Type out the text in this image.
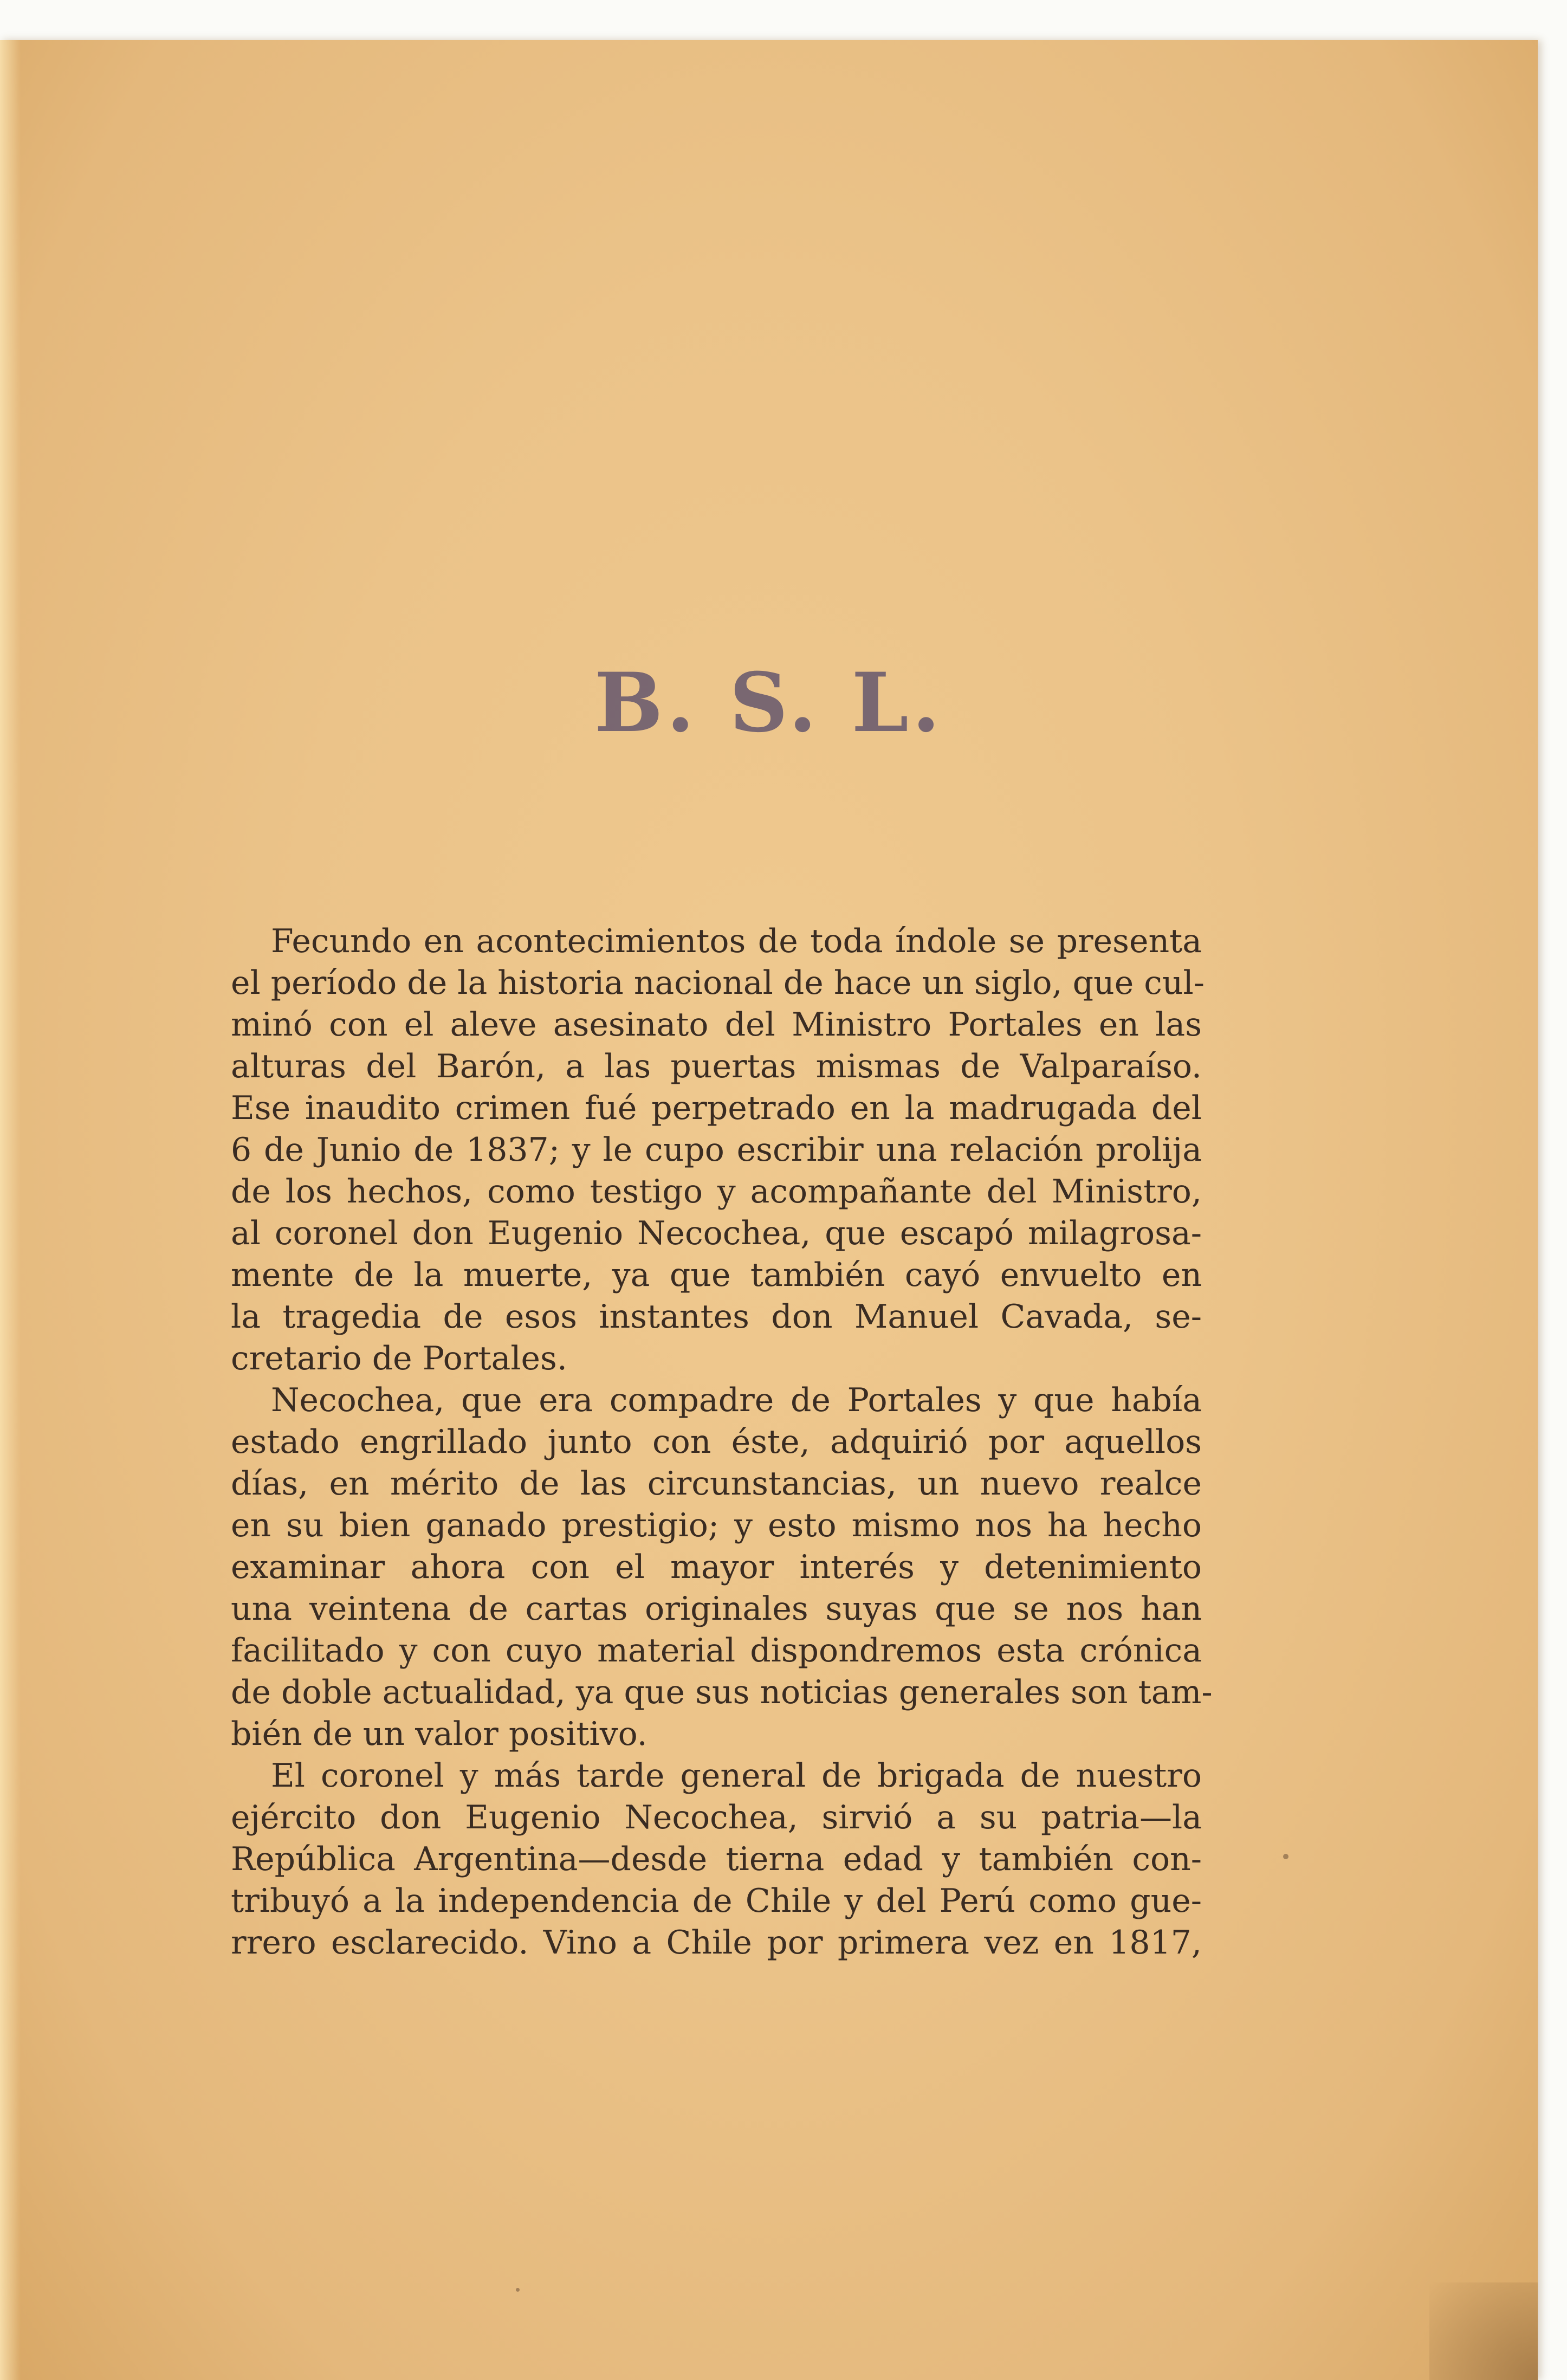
B. S. L.
Fecundo en acontecimientos de toda índole se presenta
el período de la historia nacional de hace un siglo, que cul-
minó con el aleve asesinato del Ministro Portales en las
alturas del Barón, a las puertas mismas de Valparaíso.
Ese inaudito crimen fué perpetrado en la madrugada del
6 de Junio de 1837; y le cupo escribir una relación prolija
de los hechos, como testigo y acompañante del Ministro,
al coronel don Eugenio Necochea, que escapó milagrosa-
mente de la muerte, ya que también cayó envuelto en
la tragedia de esos instantes don Manuel Cavada, se-
cretario de Portales.
Necochea, que era compadre de Portales y que había
estado engrillado junto con éste, adquirió por aquellos
días, en mérito de las circunstancias, un nuevo realce
en su bien ganado prestigio; y esto mismo nos ha hecho
examinar ahora con el mayor interés y detenimiento
una veintena de cartas originales suyas que se nos han
facilitado y con cuyo material dispondremos esta crónica
de doble actualidad, ya que sus noticias generales son tam-
bién de un valor positivo.
El coronel y más tarde general de brigada de nuestro
ejército don Eugenio Necochea, sirvió a su patria—la
República Argentina—desde tierna edad y también con-
tribuyó a la independencia de Chile y del Perú como gue-
rrero esclarecido. Vino a Chile por primera vez en 1817,
